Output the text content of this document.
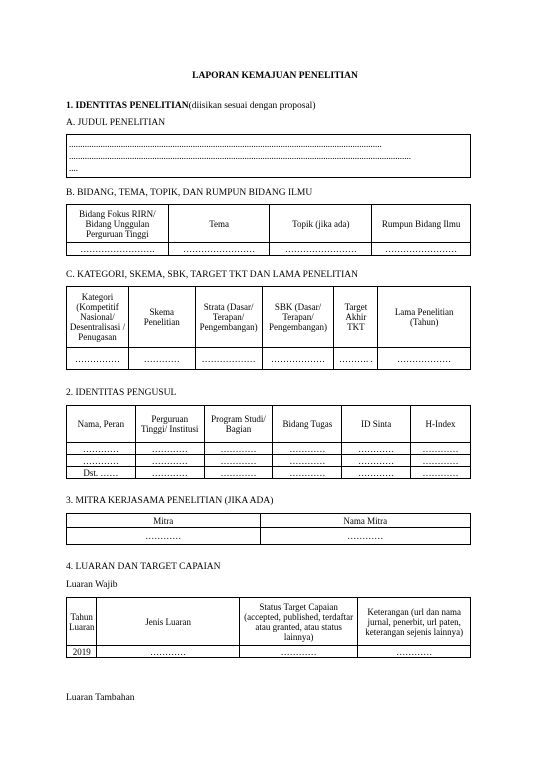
LAPORAN KEMAJUAN PENELITIAN
1. IDENTITAS PENELITIAN(diisikan sesuai dengan proposal)
A. JUDUL PENELITIAN
...........................................................................................................................................
........................................................................................................................................................
....
B. BIDANG, TEMA, TOPIK, DAN RUMPUN BIDANG ILMU
Bidang Fokus RIRN/ Bidang Unggulan Perguruan Tinggi	Tema	Topik (jika ada)	Rumpun Bidang Ilmu
…………………….	……………………	……………………	……………………
C. KATEGORI, SKEMA, SBK, TARGET TKT DAN LAMA PENELITIAN
Kategori (Kompetitif Nasional/ Desentralisasi / Penugasan	Skema Penelitian	Strata (Dasar/ Terapan/ Pengembangan)	SBK (Dasar/ Terapan/ Pengembangan)	Target Akhir TKT	Lama Penelitian (Tahun)
……………	…………	………………	………………	………. .	………………
2. IDENTITAS PENGUSUL
Nama, Peran	Perguruan Tinggi/ Institusi	Program Studi/ Bagian	Bidang Tugas	ID Sinta	H-Index
…………	…………	…………	…………	…………	…………
…………	…………	…………	…………	…………	…………
Dst. ……	…………	…………	…………	…………	…………
3. MITRA KERJASAMA PENELITIAN (JIKA ADA)
Mitra	Nama Mitra
…………	…………
4. LUARAN DAN TARGET CAPAIAN
Luaran Wajib
Tahun Luaran	Jenis Luaran	Status Target Capaian (accepted, published, terdaftar atau granted, atau status lainnya)	Keterangan (url dan nama jurnal, penerbit, url paten, keterangan sejenis lainnya)
2019	…………	…………	…………
Luaran Tambahan
